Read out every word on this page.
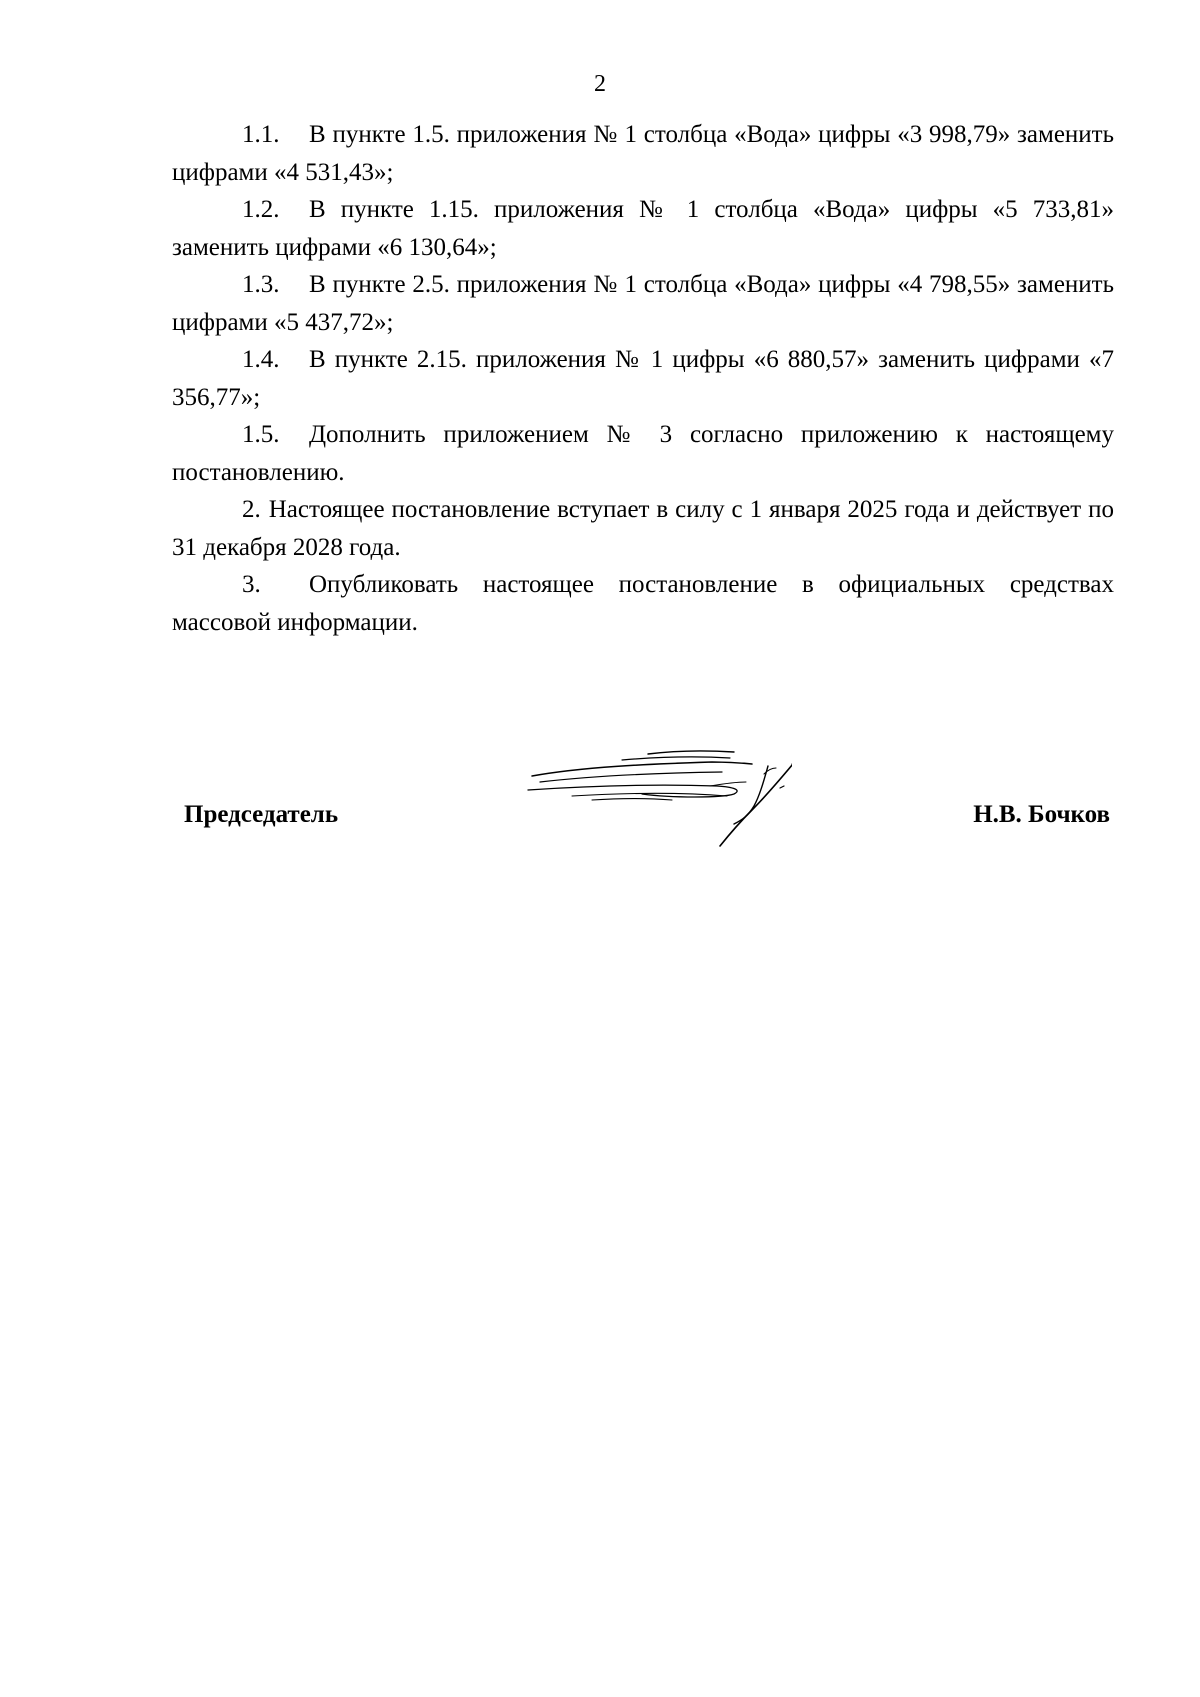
2

1.1. В пункте 1.5. приложения № 1 столбца «Вода» цифры «3 998,79» заменить цифрами «4 531,43»;

1.2. В пункте 1.15. приложения № 1 столбца «Вода» цифры «5 733,81» заменить цифрами «6 130,64»;

1.3. В пункте 2.5. приложения № 1 столбца «Вода» цифры «4 798,55» заменить цифрами «5 437,72»;

1.4. В пункте 2.15. приложения № 1 цифры «6 880,57» заменить цифрами «7 356,77»;

1.5. Дополнить приложением № 3 согласно приложению к настоящему постановлению.

2. Настоящее постановление вступает в силу с 1 января 2025 года и действует по 31 декабря 2028 года.

3. Опубликовать настоящее постановление в официальных средствах массовой информации.

Председатель	Н.В. Бочков
